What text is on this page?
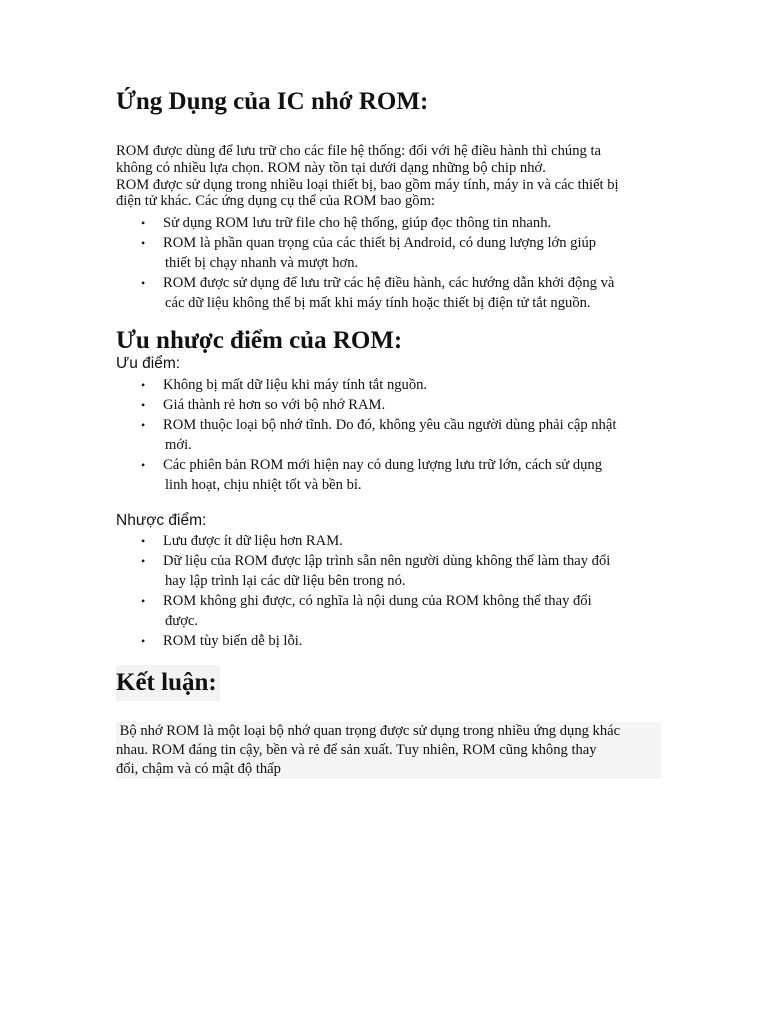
Ứng Dụng của IC nhớ ROM:
ROM được dùng để lưu trữ cho các file hệ thống: đối với hệ điều hành thì chúng ta
không có nhiều lựa chọn. ROM này tồn tại dưới dạng những bộ chip nhớ.
ROM được sử dụng trong nhiều loại thiết bị, bao gồm máy tính, máy in và các thiết bị
điện tử khác. Các ứng dụng cụ thể của ROM bao gồm:
• Sử dụng ROM lưu trữ file cho hệ thống, giúp đọc thông tin nhanh.
• ROM là phần quan trọng của các thiết bị Android, có dung lượng lớn giúp
thiết bị chạy nhanh và mượt hơn.
• ROM được sử dụng để lưu trữ các hệ điều hành, các hướng dẫn khởi động và
các dữ liệu không thể bị mất khi máy tính hoặc thiết bị điện tử tắt nguồn.
Ưu nhược điểm của ROM:

Ưu điểm:

• Không bị mất dữ liệu khi máy tính tắt nguồn.
• Giá thành rẻ hơn so với bộ nhớ RAM.
• ROM thuộc loại bộ nhớ tĩnh. Do đó, không yêu cầu người dùng phải cập nhật
mới.
• Các phiên bản ROM mới hiện nay có dung lượng lưu trữ lớn, cách sử dụng
linh hoạt, chịu nhiệt tốt và bền bỉ.

Nhược điểm:

• Lưu được ít dữ liệu hơn RAM.
• Dữ liệu của ROM được lập trình sẵn nên người dùng không thể làm thay đổi
hay lập trình lại các dữ liệu bên trong nó.
• ROM không ghi được, có nghĩa là nội dung của ROM không thể thay đổi
được.
• ROM tùy biến dễ bị lỗi.
Kết luận:
Bộ nhớ ROM là một loại bộ nhớ quan trọng được sử dụng trong nhiều ứng dụng khác
nhau. ROM đáng tin cậy, bền và rẻ để sản xuất. Tuy nhiên, ROM cũng không thay
đổi, chậm và có mật độ thấp
